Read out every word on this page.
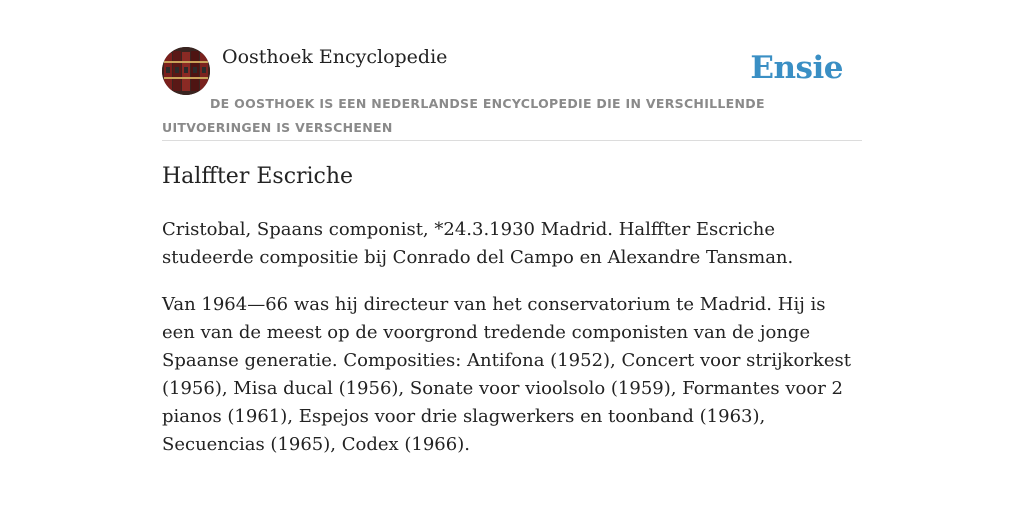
Oosthoek Encyclopedie	Ensie
DE OOSTHOEK IS EEN NEDERLANDSE ENCYCLOPEDIE DIE IN VERSCHILLENDE UITVOERINGEN IS VERSCHENEN
Halffter Escriche

Cristobal, Spaans componist, *24.3.1930 Madrid. Halffter Escriche studeerde compositie bij Conrado del Campo en Alexandre Tansman.

Van 1964—66 was hij directeur van het conservatorium te Madrid. Hij is een van de meest op de voorgrond tredende componisten van de jonge Spaanse generatie. Composities: Antifona (1952), Concert voor strijkorkest (1956), Misa ducal (1956), Sonate voor vioolsolo (1959), Formantes voor 2 pianos (1961), Espejos voor drie slagwerkers en toonband (1963), Secuencias (1965), Codex (1966).
